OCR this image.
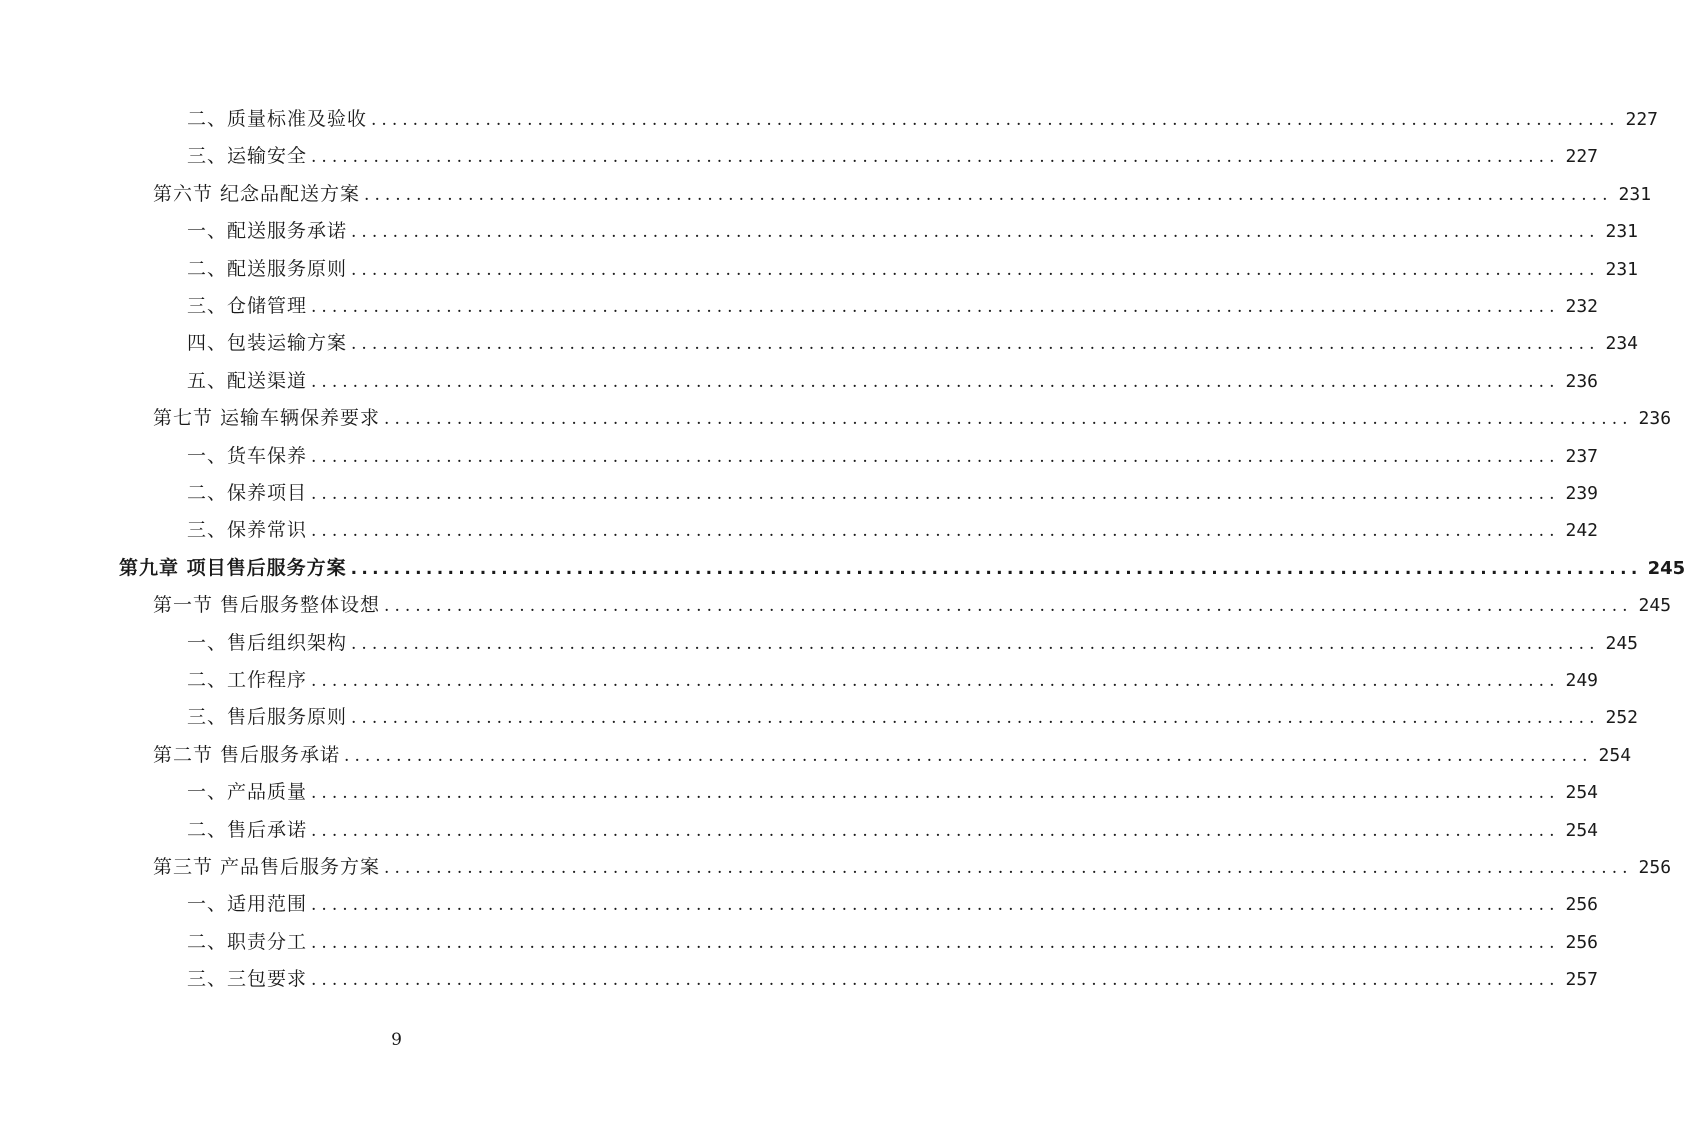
二、质量标准及验收 ........................................................................................................................ 227
三、运输安全 ........................................................................................................................ 227
第六节 纪念品配送方案 ........................................................................................................................ 231
一、配送服务承诺 ........................................................................................................................ 231
二、配送服务原则 ........................................................................................................................ 231
三、仓储管理 ........................................................................................................................ 232
四、包装运输方案 ........................................................................................................................ 234
五、配送渠道 ........................................................................................................................ 236
第七节 运输车辆保养要求 ........................................................................................................................ 236
一、货车保养 ........................................................................................................................ 237
二、保养项目 ........................................................................................................................ 239
三、保养常识 ........................................................................................................................ 242
第九章 项目售后服务方案 ........................................................................................................................ 245
第一节 售后服务整体设想 ........................................................................................................................ 245
一、售后组织架构 ........................................................................................................................ 245
二、工作程序 ........................................................................................................................ 249
三、售后服务原则 ........................................................................................................................ 252
第二节 售后服务承诺 ........................................................................................................................ 254
一、产品质量 ........................................................................................................................ 254
二、售后承诺 ........................................................................................................................ 254
第三节 产品售后服务方案 ........................................................................................................................ 256
一、适用范围 ........................................................................................................................ 256
二、职责分工 ........................................................................................................................ 256
三、三包要求 ........................................................................................................................ 257
9
